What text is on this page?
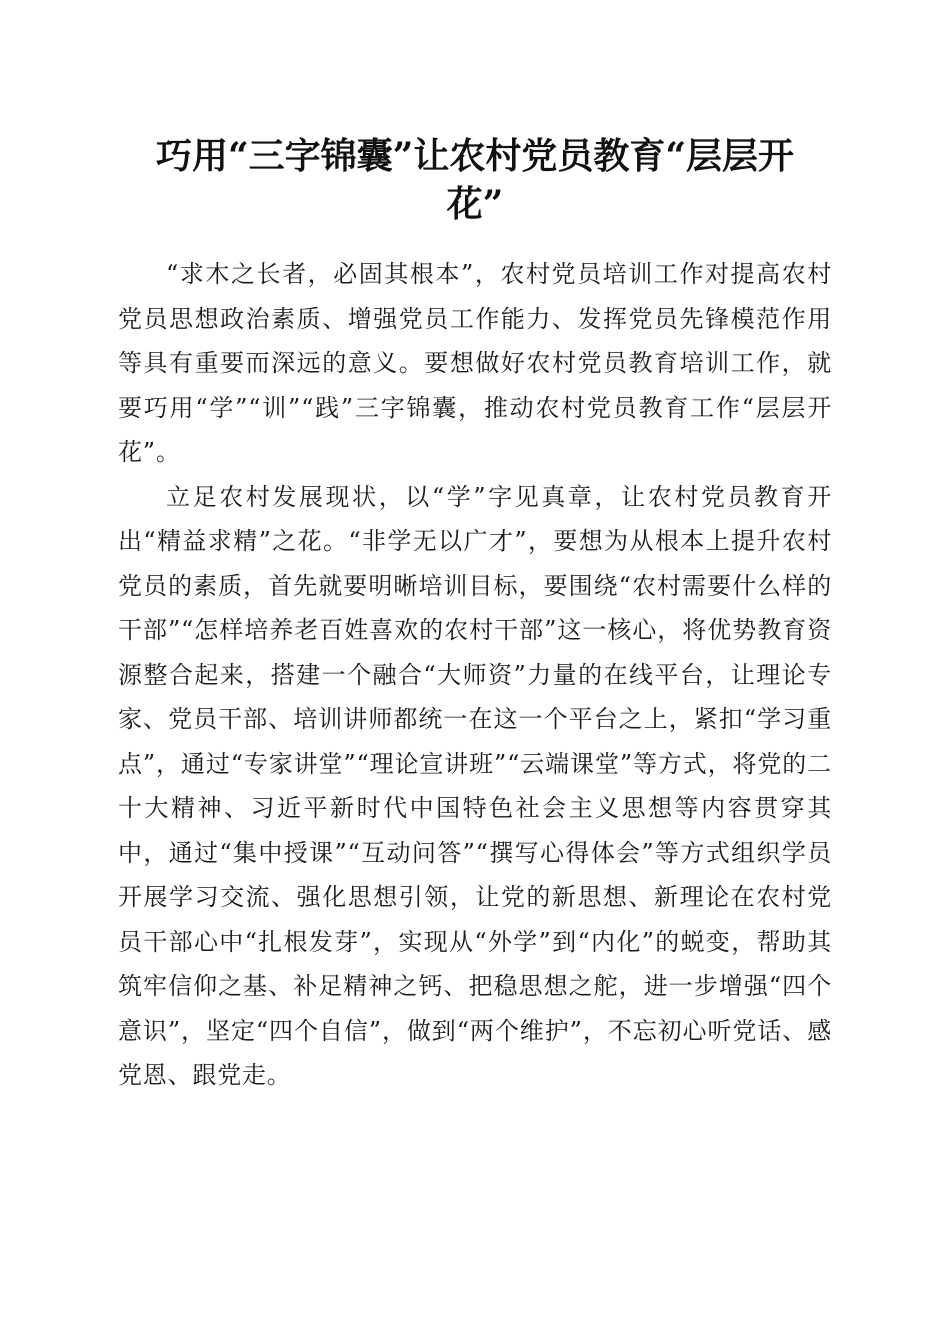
巧用“三字锦囊”让农村党员教育“层层开花”

“求木之长者，必固其根本”，农村党员培训工作对提高农村党员思想政治素质、增强党员工作能力、发挥党员先锋模范作用等具有重要而深远的意义。要想做好农村党员教育培训工作，就要巧用“学”“训”“践”三字锦囊，推动农村党员教育工作“层层开花”。

立足农村发展现状，以“学”字见真章，让农村党员教育开出“精益求精”之花。“非学无以广才”，要想为从根本上提升农村党员的素质，首先就要明晰培训目标，要围绕“农村需要什么样的干部”“怎样培养老百姓喜欢的农村干部”这一核心，将优势教育资源整合起来，搭建一个融合“大师资”力量的在线平台，让理论专家、党员干部、培训讲师都统一在这一个平台之上，紧扣“学习重点”，通过“专家讲堂”“理论宣讲班”“云端课堂”等方式，将党的二十大精神、习近平新时代中国特色社会主义思想等内容贯穿其中，通过“集中授课”“互动问答”“撰写心得体会”等方式组织学员开展学习交流、强化思想引领，让党的新思想、新理论在农村党员干部心中“扎根发芽”，实现从“外学”到“内化”的蜕变，帮助其筑牢信仰之基、补足精神之钙、把稳思想之舵，进一步增强“四个意识”，坚定“四个自信”，做到“两个维护”，不忘初心听党话、感党恩、跟党走。
